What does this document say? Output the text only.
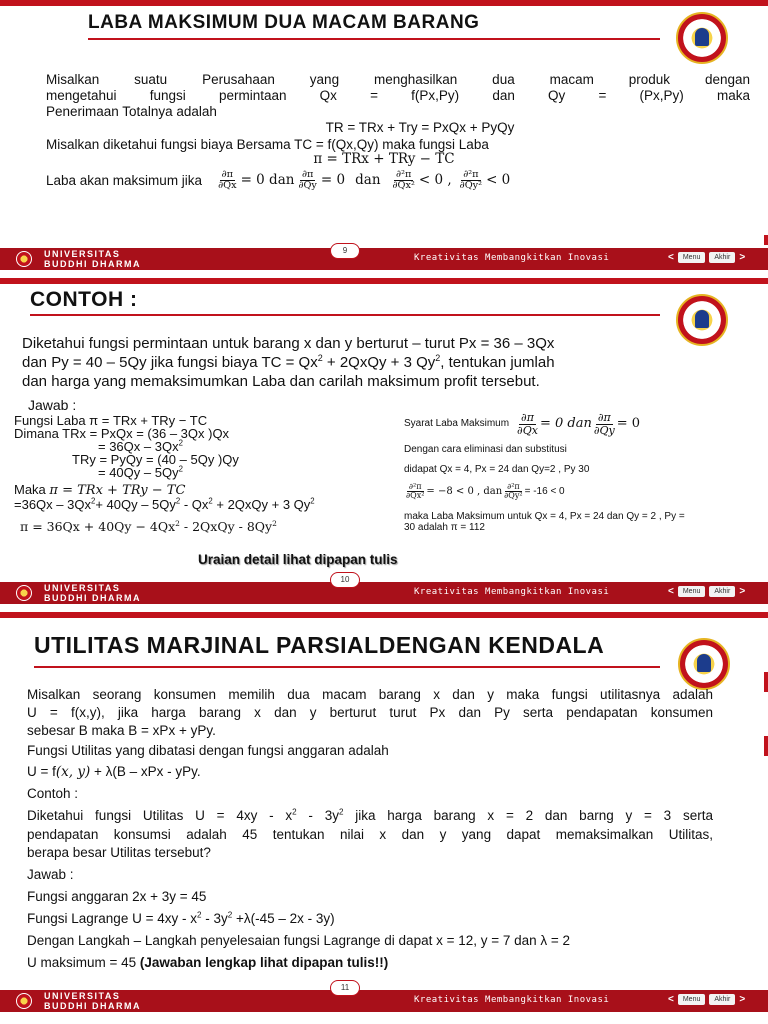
LABA MAKSIMUM DUA MACAM BARANG
Misalkan suatu Perusahaan yang menghasilkan dua macam produk dengan
mengetahui fungsi permintaan Qx = f(Px,Py) dan Qy = (Px,Py) maka
Penerimaan Totalnya adalah
TR = TRx + Try = PxQx + PyQy
Misalkan diketahui fungsi biaya Bersama TC = f(Qx,Qy) maka fungsi Laba
π = TRx + TRy − TC
Laba akan maksimum jika $\frac{\partial\pi}{\partial Qx} = 0$ dan $\frac{\partial\pi}{\partial Qy} = 0$ dan $\frac{\text{∂²π}}{\text{∂Qx²}} < 0$ , $\frac{\text{∂²π}}{\text{∂Qy²}} < 0$
UNIVERSITAS
BUDDHI DHARMA
Kreativitas Membangkitkan Inovasi	<	Menu	Akhir >
9
CONTOH :
Diketahui fungsi permintaan untuk barang x dan y berturut – turut Px = 36 – 3Qx
dan Py = 40 – 5Qy jika fungsi biaya TC = $Qx^2$ + 2QxQy + 3 Qy$^2$, tentukan jumlah
dan harga yang memaksimumkan Laba dan carilah maksimum profit tersebut.
Jawab :
Fungsi Laba π = TRx + TRy − TC
Dimana TRx = PxQx = (36 – 3Qx )Qx
= 36Qx – 3Qx$^2$
TRy = PyQy = (40 – 5Qy )Qy
= 40Qy – 5Qy$^2$
Maka π = TRx + TRy − TC
$=36Qx - 3Qx^2+ 40Qy - 5Qy^2 - Qx^2$ + 2QxQy + 3 Qy$^2$
$\pi = 36Qx + 40Qy - 4Qx^2$ - 2QxQy - 8Qy$^2$
Syarat Laba Maksimum $\frac{\partial\pi}{\partial Qx} = 0$ dan $\frac{\partial\pi}{\partial Qy} = 0$
Dengan cara eliminasi dan substitusi
didapat Qx = 4, Px = 24 dan Qy=2 , Py 30
$\frac{\text{∂²π}}{\text{∂Qx²}} = -8 < 0$ , dan $\frac{\text{∂²π}}{\text{∂Qy²}} = -16 < 0$
maka Laba Maksimum untuk Qx = 4, Px = 24 dan Qy = 2 , Py =
30 adalah π = 112
Uraian detail lihat dipapan tulis
UNIVERSITAS
BUDDHI DHARMA
Kreativitas Membangkitkan Inovasi	<	Menu	Akhir >
10
UTILITAS MARJINAL PARSIALDENGAN KENDALA
Misalkan seorang konsumen memilih dua macam barang x dan y maka fungsi utilitasnya adalah
U = f(x,y), jika harga barang x dan y berturut turut Px dan Py serta pendapatan konsumen
sebesar B maka B = xPx + yPy.
Fungsi Utilitas yang dibatasi dengan fungsi anggaran adalah
U = f(x, y) + λ(B – xPx - yPy.
Contoh :
Diketahui fungsi Utilitas $U = 4xy - x^2 - 3y^2$ jika harga barang x = 2 dan barng y = 3 serta
pendapatan konsumsi adalah 45 tentukan nilai x dan y yang dapat memaksimalkan Utilitas,
berapa besar Utilitas tersebut?
Jawab :
Fungsi anggaran 2x + 3y = 45
Fungsi Lagrange $U = 4xy - x^2 - 3y^2 +\lambda(-45 - 2x - 3y)$
Dengan Langkah – Langkah penyelesaian fungsi Lagrange di dapat x = 12, y = 7 dan λ = 2
U maksimum = 45 (Jawaban lengkap lihat dipapan tulis!!)
UNIVERSITAS
BUDDHI DHARMA
Kreativitas Membangkitkan Inovasi	<	Menu	Akhir >
11
